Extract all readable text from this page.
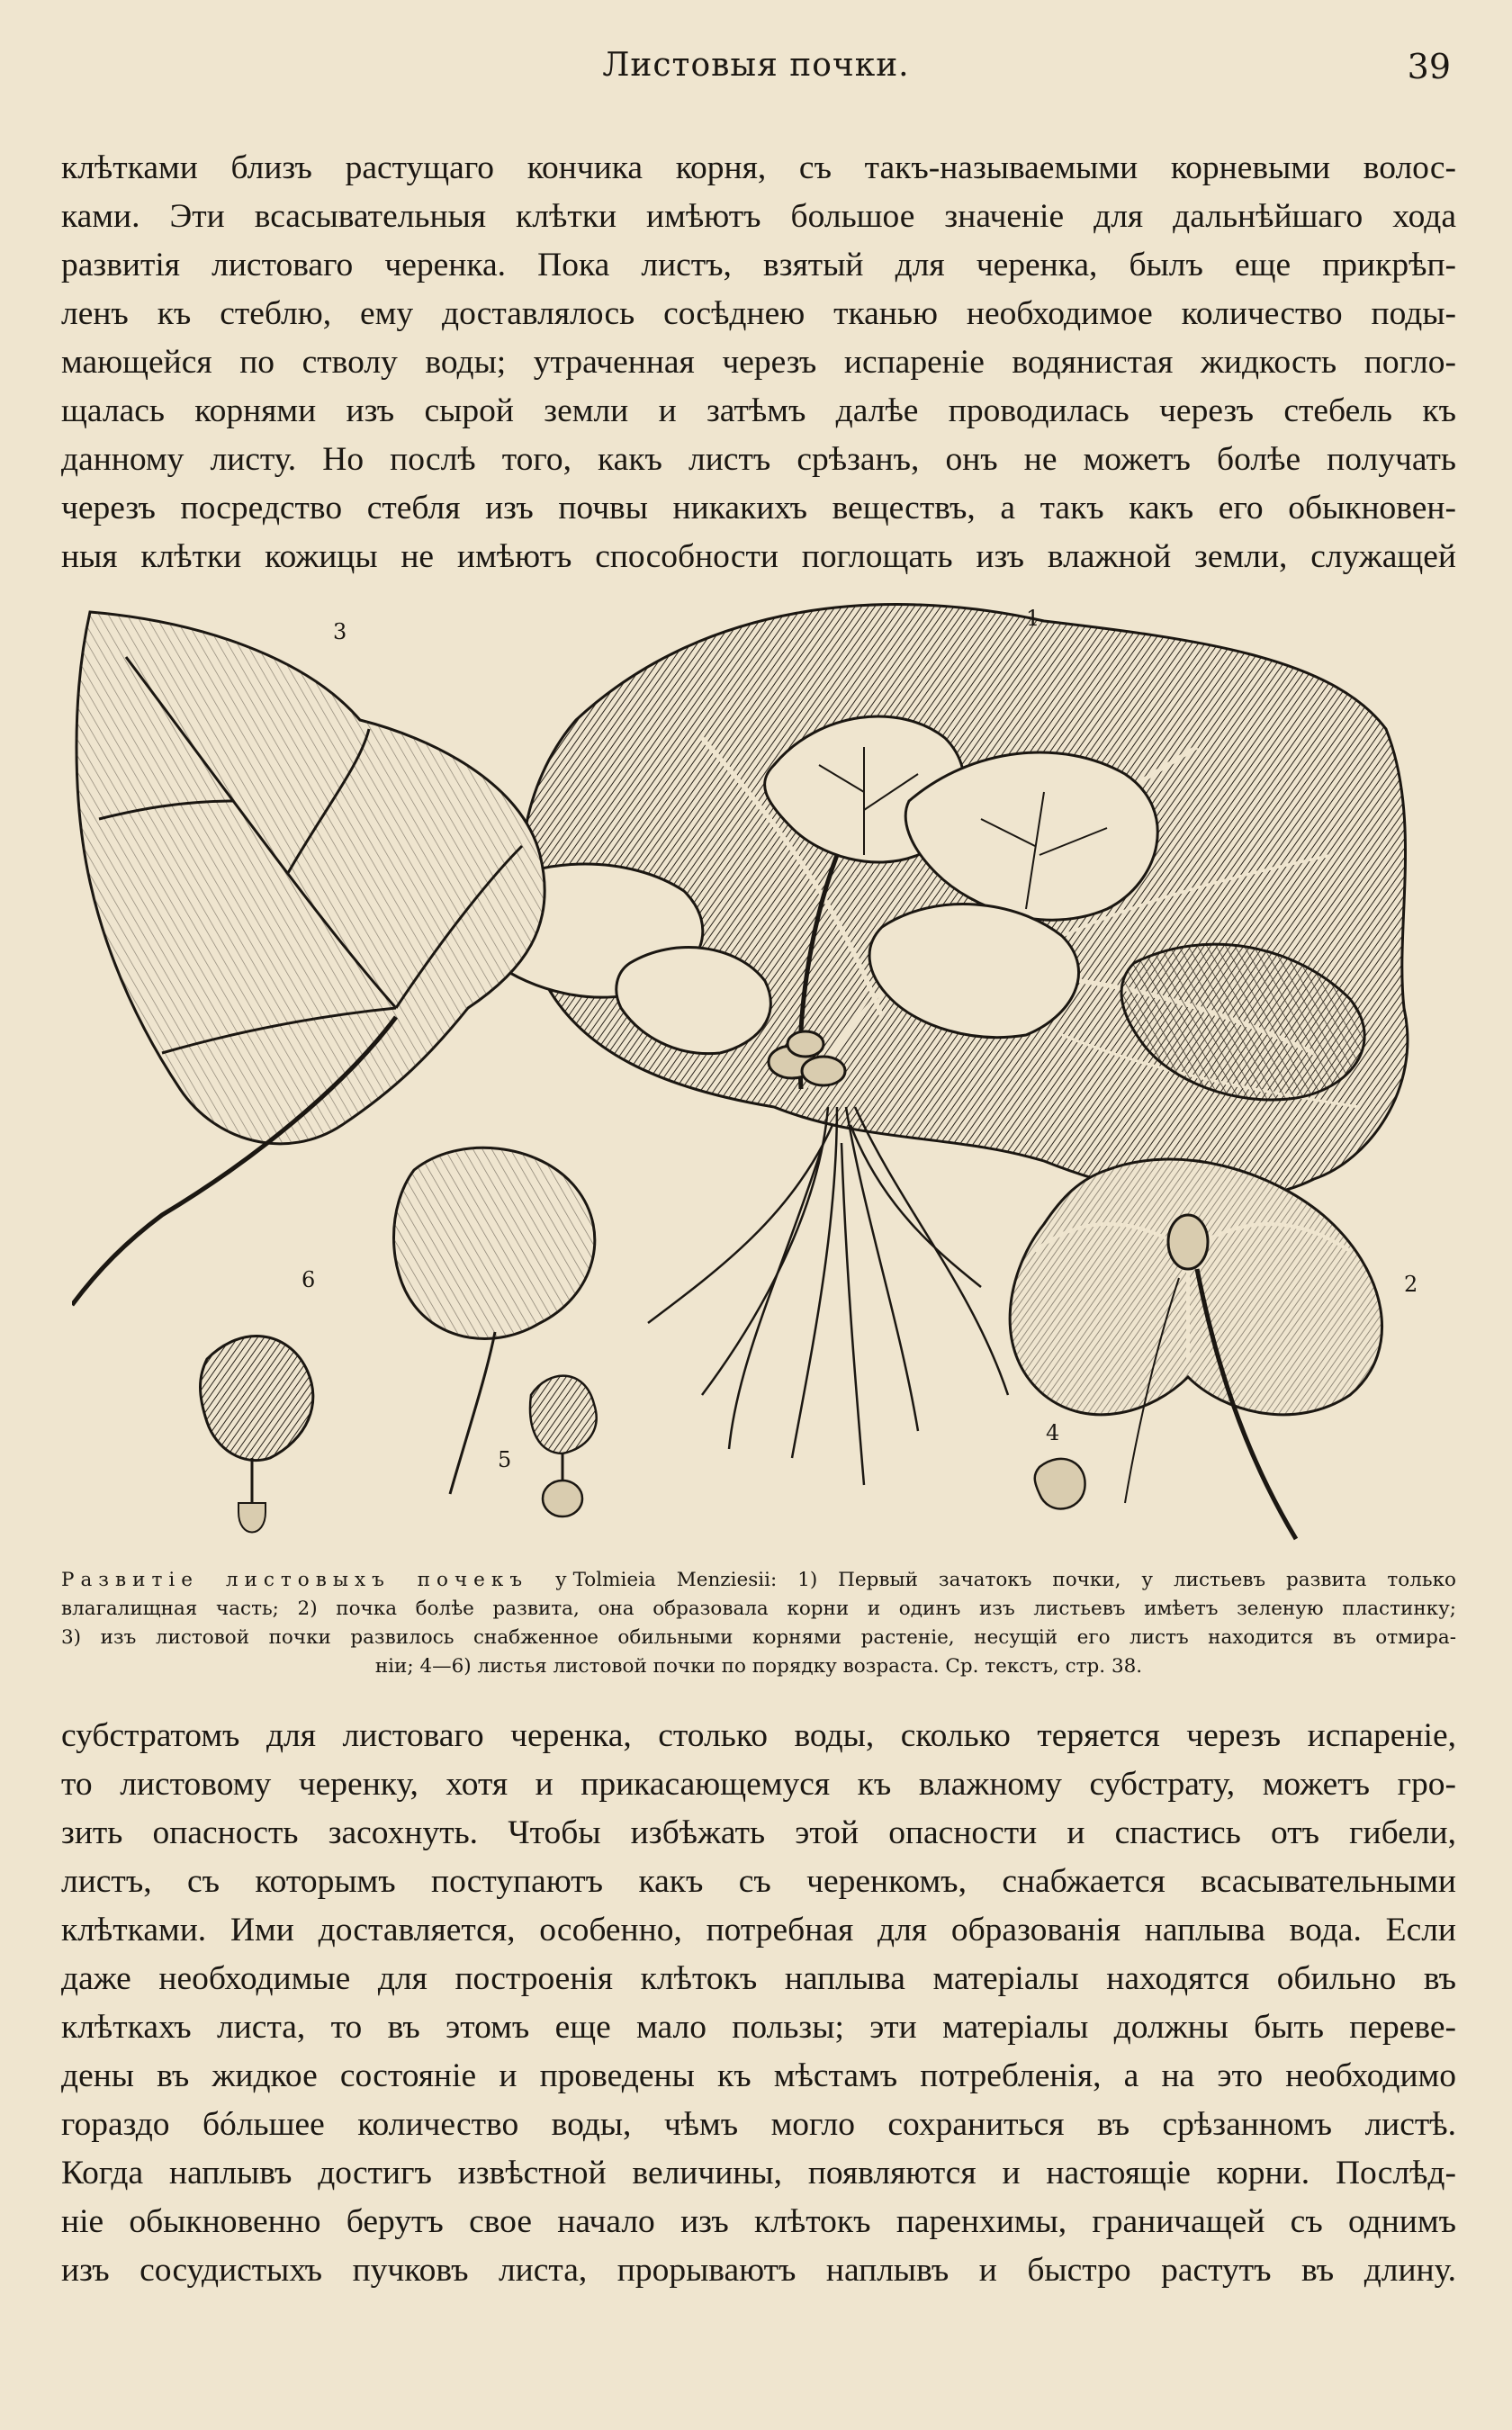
Листовыя почки.	39
клѣтками близъ растущаго кончика корня, съ такъ-называемыми корневыми волос-
ками. Эти всасывательныя клѣтки имѣютъ большое значеніе для дальнѣйшаго хода
развитія листоваго черенка. Пока листъ, взятый для черенка, былъ еще прикрѣп-
ленъ къ стеблю, ему доставлялось сосѣднею тканью необходимое количество поды-
мающейся по стволу воды; утраченная черезъ испареніе водянистая жидкость погло-
щалась корнями изъ сырой земли и затѣмъ далѣе проводилась черезъ стебель къ
данному листу. Но послѣ того, какъ листъ срѣзанъ, онъ не можетъ болѣе получать
черезъ посредство стебля изъ почвы никакихъ веществъ, а такъ какъ его обыкновен-
ныя клѣтки кожицы не имѣютъ способности поглощать изъ влажной земли, служащей
3
1
2
4
5
6
Развитіе листовыхъ почекъ уTolmieia Menziesii: 1) Первый зачатокъ почки, у листьевъ развита только
влагалищная часть; 2) почка болѣе развита, она образовала корни и одинъ изъ листьевъ имѣетъ зеленую пластинку;
3) изъ листовой почки развилось снабженное обильными корнями растеніе, несущій его листъ находится въ отмира-
ніи; 4—6) листья листовой почки по порядку возраста. Ср. текстъ, стр. 38.
субстратомъ для листоваго черенка, столько воды, сколько теряется черезъ испареніе,
то листовому черенку, хотя и прикасающемуся къ влажному субстрату, можетъ гро-
зить опасность засохнуть. Чтобы избѣжать этой опасности и спастись отъ гибели,
листъ, съ которымъ поступаютъ какъ съ черенкомъ, снабжается всасывательными
клѣтками. Ими доставляется, особенно, потребная для образованія наплыва вода. Если
даже необходимые для построенія клѣтокъ наплыва матеріалы находятся обильно въ
клѣткахъ листа, то въ этомъ еще мало пользы; эти матеріалы должны быть переве-
дены въ жидкое состояніе и проведены къ мѣстамъ потребленія, а на это необходимо
гораздо бóльшее количество воды, чѣмъ могло сохраниться въ срѣзанномъ листѣ.
Когда наплывъ достигъ извѣстной величины, появляются и настоящіе корни. Послѣд-
ніе обыкновенно берутъ свое начало изъ клѣтокъ паренхимы, граничащей съ однимъ
изъ сосудистыхъ пучковъ листа, прорываютъ наплывъ и быстро растутъ въ длину.
